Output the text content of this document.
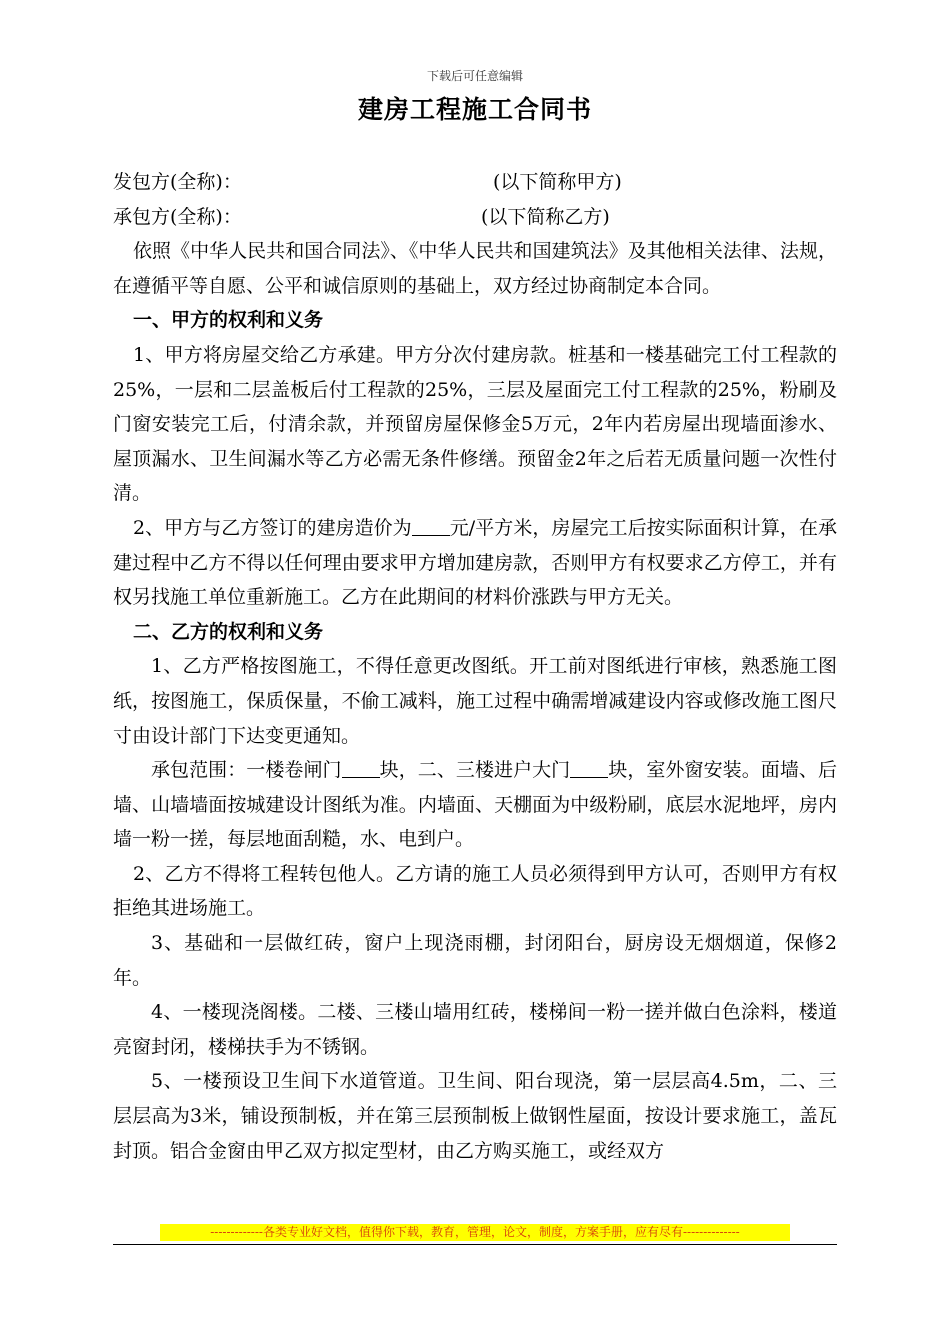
下载后可任意编辑
建房工程施工合同书
发包方(全称)：	(以下简称甲方)
承包方(全称)：	(以下简称乙方)

依照《中华人民共和国合同法》、《中华人民共和国建筑法》及其他相关法律、法规，在遵循平等自愿、公平和诚信原则的基础上，双方经过协商制定本合同。

一、甲方的权利和义务

1、甲方将房屋交给乙方承建。甲方分次付建房款。桩基和一楼基础完工付工程款的25%，一层和二层盖板后付工程款的25%，三层及屋面完工付工程款的25%，粉刷及门窗安装完工后，付清余款，并预留房屋保修金5万元，2年内若房屋出现墙面渗水、屋顶漏水、卫生间漏水等乙方必需无条件修缮。预留金2年之后若无质量问题一次性付清。

2、甲方与乙方签订的建房造价为 元/平方米，房屋完工后按实际面积计算，在承建过程中乙方不得以任何理由要求甲方增加建房款，否则甲方有权要求乙方停工，并有权另找施工单位重新施工。乙方在此期间的材料价涨跌与甲方无关。

二、乙方的权利和义务

1、乙方严格按图施工，不得任意更改图纸。开工前对图纸进行审核，熟悉施工图纸，按图施工，保质保量，不偷工减料，施工过程中确需增减建设内容或修改施工图尺寸由设计部门下达变更通知。

承包范围：一楼卷闸门 块，二、三楼进户大门 块，室外窗安装。面墙、后墙、山墙墙面按城建设计图纸为准。内墙面、天棚面为中级粉刷，底层水泥地坪，房内墙一粉一搓，每层地面刮糙，水、电到户。

2、乙方不得将工程转包他人。乙方请的施工人员必须得到甲方认可，否则甲方有权拒绝其进场施工。

3、基础和一层做红砖，窗户上现浇雨棚，封闭阳台，厨房设无烟烟道，保修2年。

4、一楼现浇阁楼。二楼、三楼山墙用红砖，楼梯间一粉一搓并做白色涂料，楼道亮窗封闭，楼梯扶手为不锈钢。

5、一楼预设卫生间下水道管道。卫生间、阳台现浇，第一层层高4.5m，二、三层层高为3米，铺设预制板，并在第三层预制板上做钢性屋面，按设计要求施工，盖瓦封顶。铝合金窗由甲乙双方拟定型材，由乙方购买施工，或经双方

-------------各类专业好文档，值得你下载，教育，管理，论文，制度，方案手册，应有尽有--------------
